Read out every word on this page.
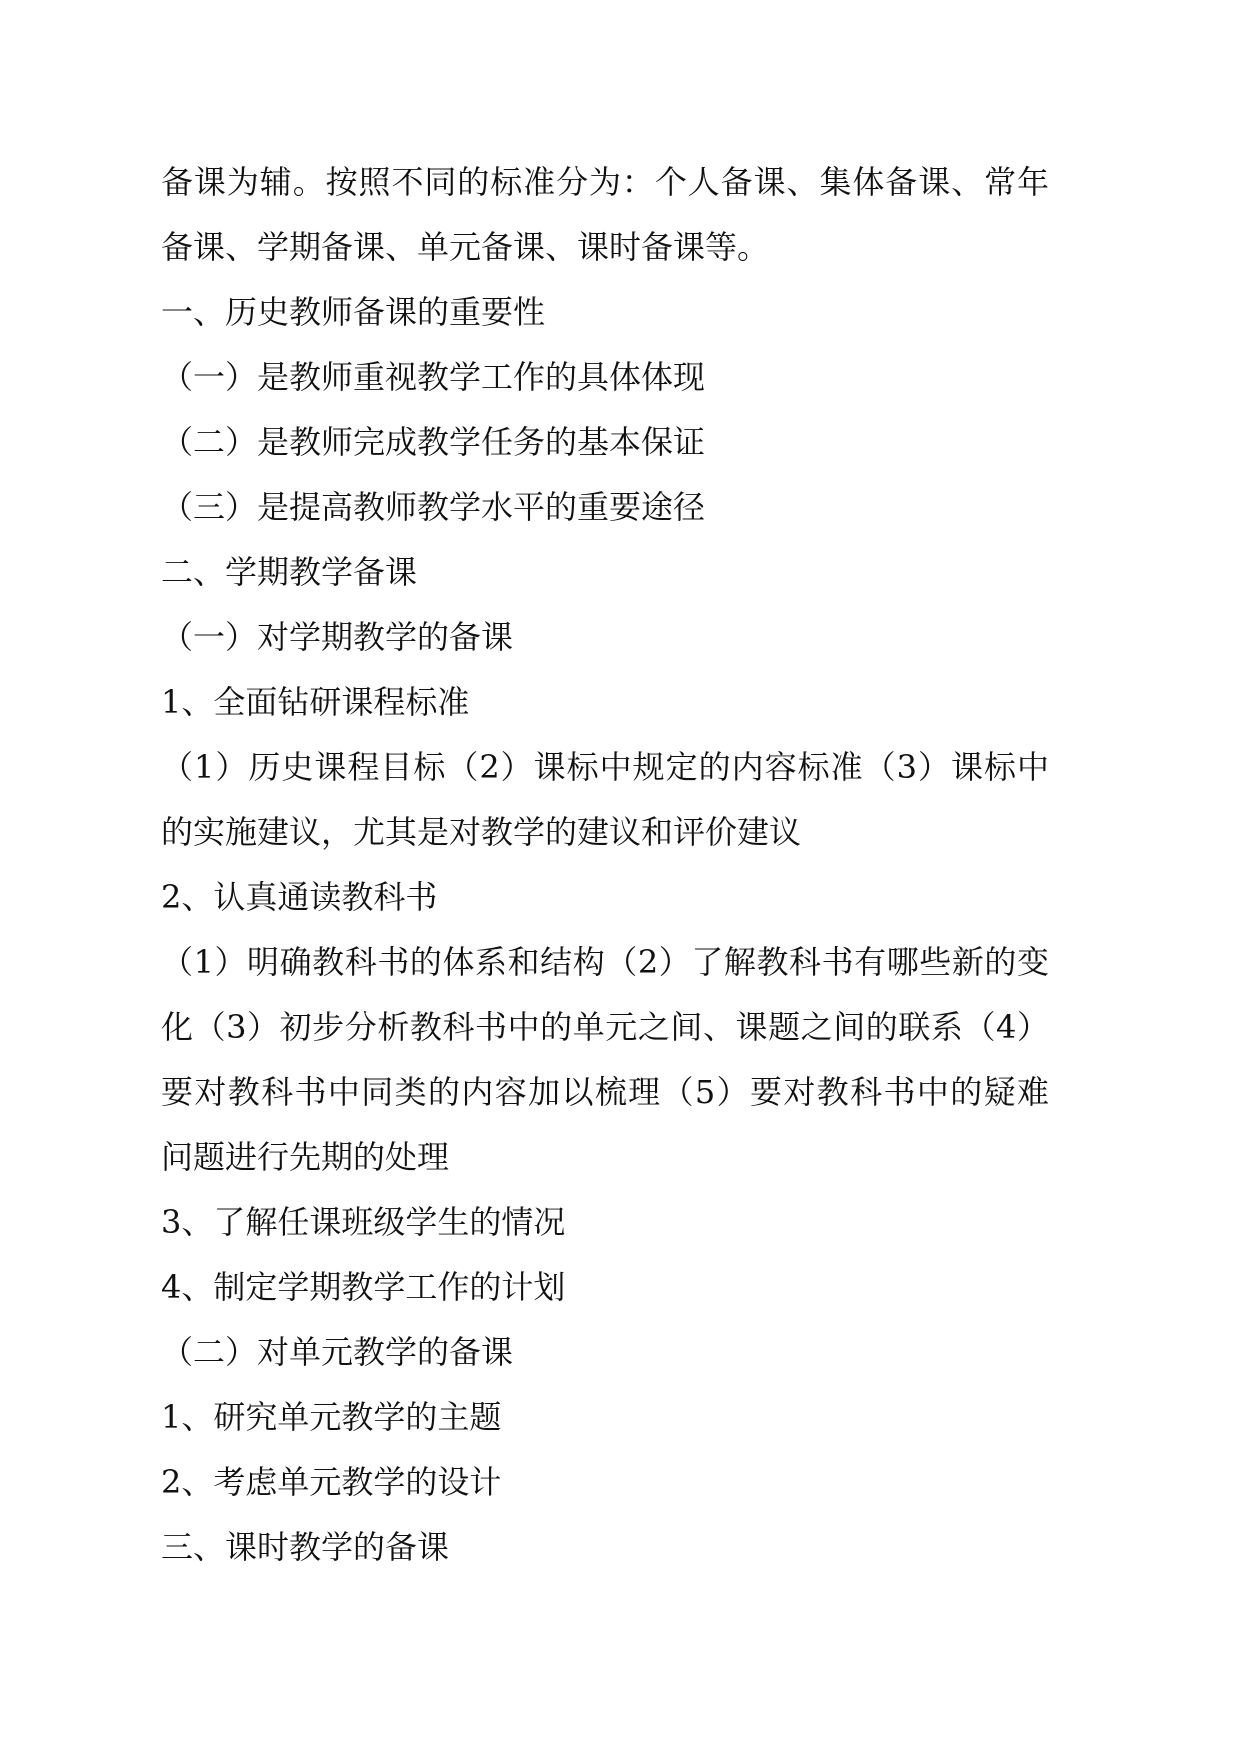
备课为辅。按照不同的标准分为：个人备课、集体备课、常年
备课、学期备课、单元备课、课时备课等。
一、历史教师备课的重要性
（一）是教师重视教学工作的具体体现
（二）是教师完成教学任务的基本保证
（三）是提高教师教学水平的重要途径
二、学期教学备课
（一）对学期教学的备课
1、全面钻研课程标准
（1）历史课程目标（2）课标中规定的内容标准（3）课标中
的实施建议，尤其是对教学的建议和评价建议
2、认真通读教科书
（1）明确教科书的体系和结构（2）了解教科书有哪些新的变
化（3）初步分析教科书中的单元之间、课题之间的联系（4）
要对教科书中同类的内容加以梳理（5）要对教科书中的疑难
问题进行先期的处理
3、了解任课班级学生的情况
4、制定学期教学工作的计划
（二）对单元教学的备课
1、研究单元教学的主题
2、考虑单元教学的设计
三、课时教学的备课
